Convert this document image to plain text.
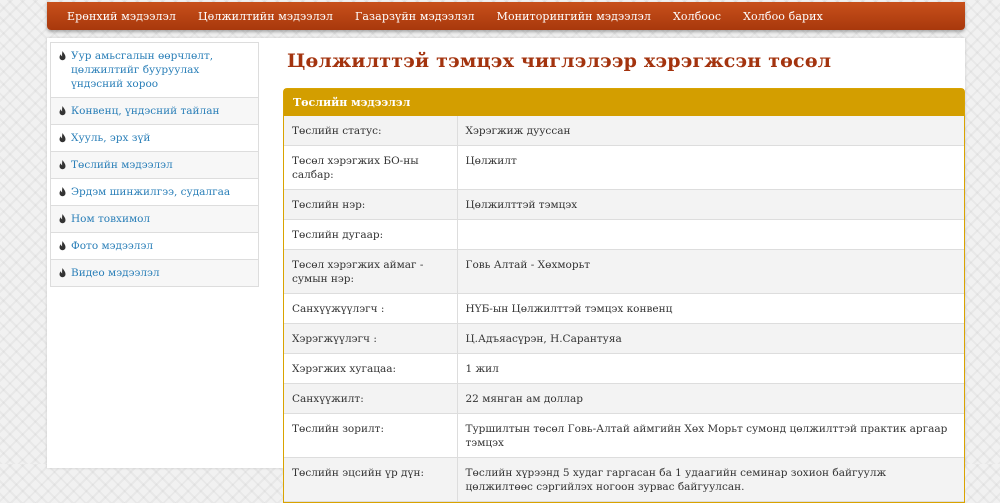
Ерөнхий мэдээлэл Цөлжилтийн мэдээлэл Газарзүйн мэдээлэл Мониторингийн мэдээлэл Холбоос Холбоо барих
Уур амьсгалын өөрчлөлт, цөлжилтийг бууруулах үндэсний хороо
Конвенц, үндэсний тайлан
Хууль, эрх зүй
Төслийн мэдээлэл
Эрдэм шинжилгээ, судалгаа
Ном товхимол
Фото мэдээлэл
Видео мэдээлэл
Цөлжилттэй тэмцэх чиглэлээр хэрэгжсэн төсөл
Төслийн мэдээлэл
Төслийн статус:	Хэрэгжиж дууссан
Төсөл хэрэгжих БО-ны салбар:	Цөлжилт
Төслийн нэр:	Цөлжилттэй тэмцэх
Төслийн дугаар:	
Төсөл хэрэгжих аймаг - сумын нэр:	Говь Алтай - Хөхморьт
Санхүүжүүлэгч :	НҮБ-ын Цөлжилттэй тэмцэх конвенц
Хэрэгжүүлэгч :	Ц.Адъяасүрэн, Н.Сарантуяа
Хэрэгжих хугацаа:	1 жил
Санхүүжилт:	22 мянган ам доллар
Төслийн зорилт:	Туршилтын төсөл Говь-Алтай аймгийн Хөх Морьт сумонд цөлжилттэй практик аргаар тэмцэх
Төслийн эцсийн үр дүн:	Төслийн хүрээнд 5 худаг гаргасан ба 1 удаагийн семинар зохион байгуулж цөлжилтөөс сэргийлэх ногоон зурвас байгуулсан.
